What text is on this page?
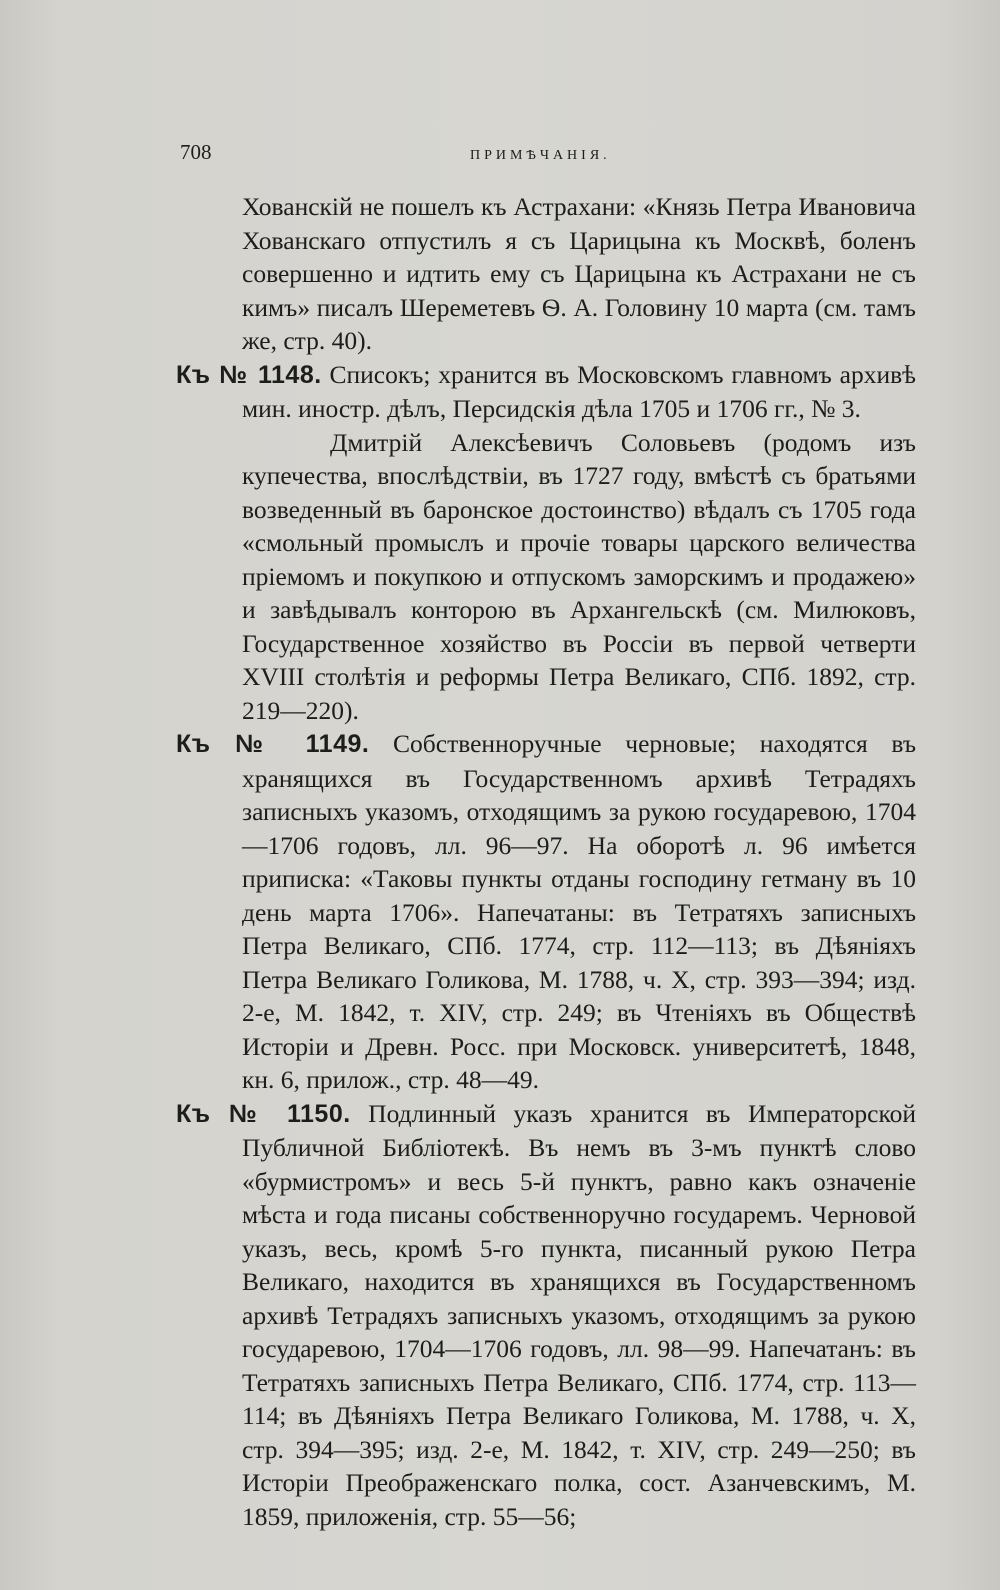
708	ПРИМѢЧАНІЯ.

Хованскій не пошелъ къ Астрахани: «Князь Петра Ивановича Хованскаго отпустилъ я съ Царицына къ Москвѣ, боленъ совершенно и идтить ему съ Царицына къ Астрахани не съ кимъ» писалъ Шереметевъ Ѳ. А. Головину 10 марта (см. тамъ же, стр. 40).

Къ № 1148. Списокъ; хранится въ Московскомъ главномъ архивѣ мин. иностр. дѣлъ, Персидскія дѣла 1705 и 1706 гг., № 3.

Дмитрій Алексѣевичъ Соловьевъ (родомъ изъ купечества, впослѣдствіи, въ 1727 году, вмѣстѣ съ братьями возведенный въ баронское достоинство) вѣдалъ съ 1705 года «смольный промыслъ и прочіе товары царского величества пріемомъ и покупкою и отпускомъ заморскимъ и продажею» и завѣдывалъ конторою въ Архангельскѣ (см. Милюковъ, Государственное хозяйство въ Россіи въ первой четверти XVIII столѣтія и реформы Петра Великаго, СПб. 1892, стр. 219—220).

Къ № 1149. Собственноручные черновые; находятся въ хранящихся въ Государственномъ архивѣ Тетрадяхъ записныхъ указомъ, отходящимъ за рукою государевою, 1704—1706 годовъ, лл. 96—97. На оборотѣ л. 96 имѣется приписка: «Таковы пункты отданы господину гетману въ 10 день марта 1706». Напечатаны: въ Тетратяхъ записныхъ Петра Великаго, СПб. 1774, стр. 112—113; въ Дѣяніяхъ Петра Великаго Голикова, М. 1788, ч. X, стр. 393—394; изд. 2-е, М. 1842, т. XIV, стр. 249; въ Чтеніяхъ въ Обществѣ Исторіи и Древн. Росс. при Московск. университетѣ, 1848, кн. 6, прилож., стр. 48—49.

Къ № 1150. Подлинный указъ хранится въ Императорской Публичной Библіотекѣ. Въ немъ въ 3-мъ пунктѣ слово «бурмистромъ» и весь 5-й пунктъ, равно какъ означеніе мѣста и года писаны собственноручно государемъ. Черновой указъ, весь, кромѣ 5-го пункта, писанный рукою Петра Великаго, находится въ хранящихся въ Государственномъ архивѣ Тетрадяхъ записныхъ указомъ, отходящимъ за рукою государевою, 1704—1706 годовъ, лл. 98—99. Напечатанъ: въ Тетратяхъ записныхъ Петра Великаго, СПб. 1774, стр. 113—114; въ Дѣяніяхъ Петра Великаго Голикова, М. 1788, ч. X, стр. 394—395; изд. 2-е, М. 1842, т. XIV, стр. 249—250; въ Исторіи Преображенскаго полка, сост. Азанчевскимъ, М. 1859, приложенія, стр. 55—56;
